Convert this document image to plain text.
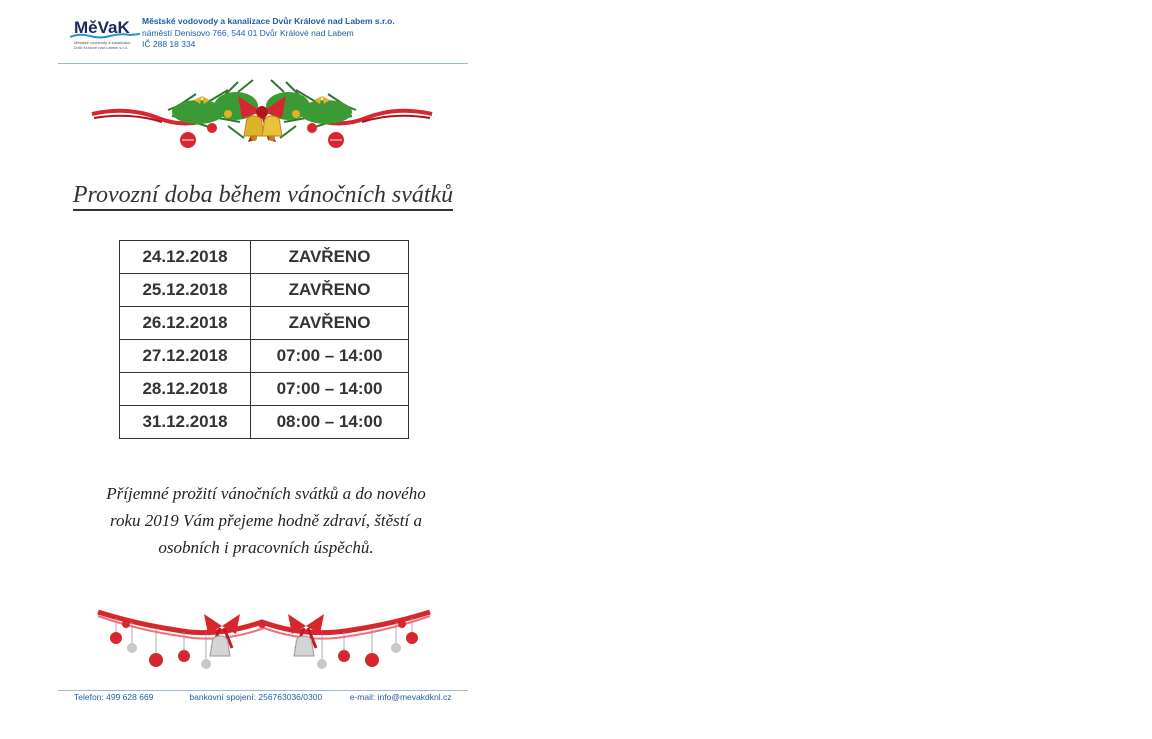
MěVaK
Městské vodovody a kanalizace
Dvůr Králové nad Labem s.r.o.
Městské vodovody a kanalizace Dvůr Králové nad Labem s.r.o.
náměstí Denisovo 766, 544 01 Dvůr Králové nad Labem
IČ 288 18 334
Provozní doba během vánočních svátků
24.12.2018	ZAVŘENO
25.12.2018	ZAVŘENO
26.12.2018	ZAVŘENO
27.12.2018	07:00 – 14:00
28.12.2018	07:00 – 14:00
31.12.2018	08:00 – 14:00
Příjemné prožití vánočních svátků a do nového
roku 2019 Vám přejeme hodně zdraví, štěstí a
osobních i pracovních úspěchů.
Telefon: 499 628 669	bankovní spojení: 256763036/0300	e-mail: info@mevakdknl.cz
